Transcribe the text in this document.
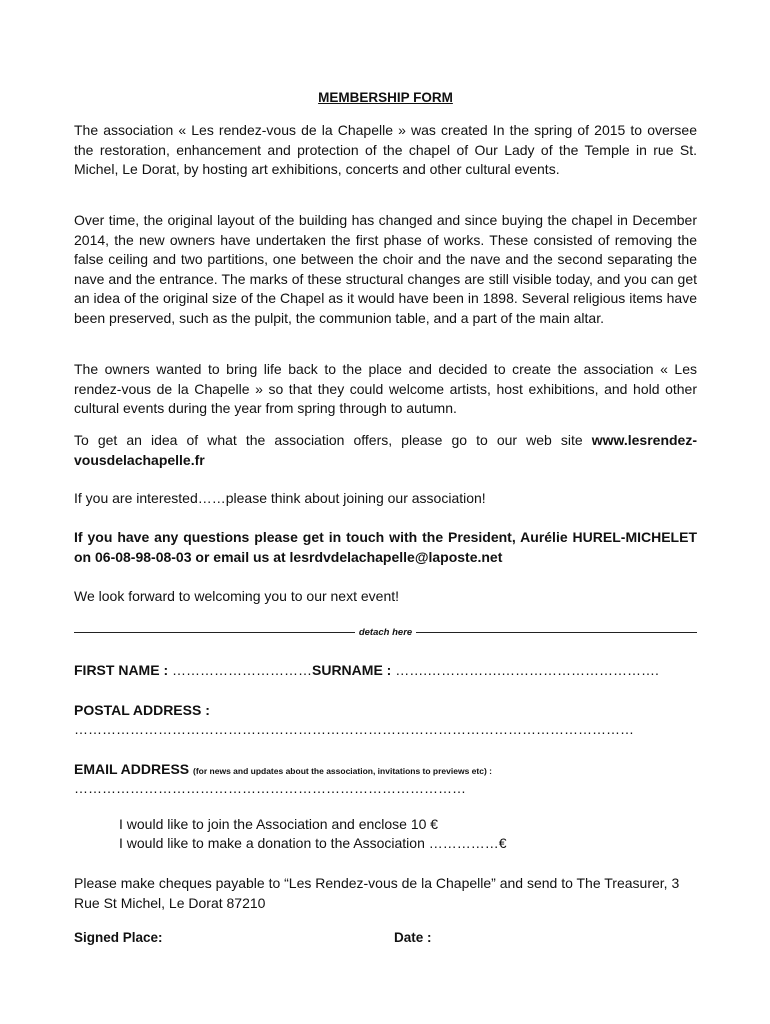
MEMBERSHIP FORM

The association « Les rendez-vous de la Chapelle » was created In the spring of 2015 to oversee the restoration, enhancement and protection of the chapel of Our Lady of the Temple in rue St. Michel, Le Dorat, by hosting art exhibitions, concerts and other cultural events.

Over time, the original layout of the building has changed and since buying the chapel in December 2014, the new owners have undertaken the first phase of works. These consisted of removing the false ceiling and two partitions, one between the choir and the nave and the second separating the nave and the entrance. The marks of these structural changes are still visible today, and you can get an idea of the original size of the Chapel as it would have been in 1898. Several religious items have been preserved, such as the pulpit, the communion table, and a part of the main altar.

The owners wanted to bring life back to the place and decided to create the association « Les rendez-vous de la Chapelle » so that they could welcome artists, host exhibitions, and hold other cultural events during the year from spring through to autumn.

To get an idea of what the association offers, please go to our web site www.lesrendez-vousdelachapelle.fr

If you are interested……please think about joining our association!

If you have any questions please get in touch with the President, Aurélie HUREL-MICHELET on 06-08-98-08-03 or email us at lesrdvdelachapelle@laposte.net

We look forward to welcoming you to our next event!

detach here
FIRST NAME : …………………………SURNAME : …….…………….…………………………….
POSTAL ADDRESS :
…………………………………………………………………………………………………………
EMAIL ADDRESS (for news and updates about the association, invitations to previews etc) :
…………………………………………………………………………
I would like to join the Association and enclose 10 €
I would like to make a donation to the Association ……………€

Please make cheques payable to “Les Rendez-vous de la Chapelle” and send to The Treasurer, 3 Rue St Michel, Le Dorat 87210

Signed Place:	Date :
